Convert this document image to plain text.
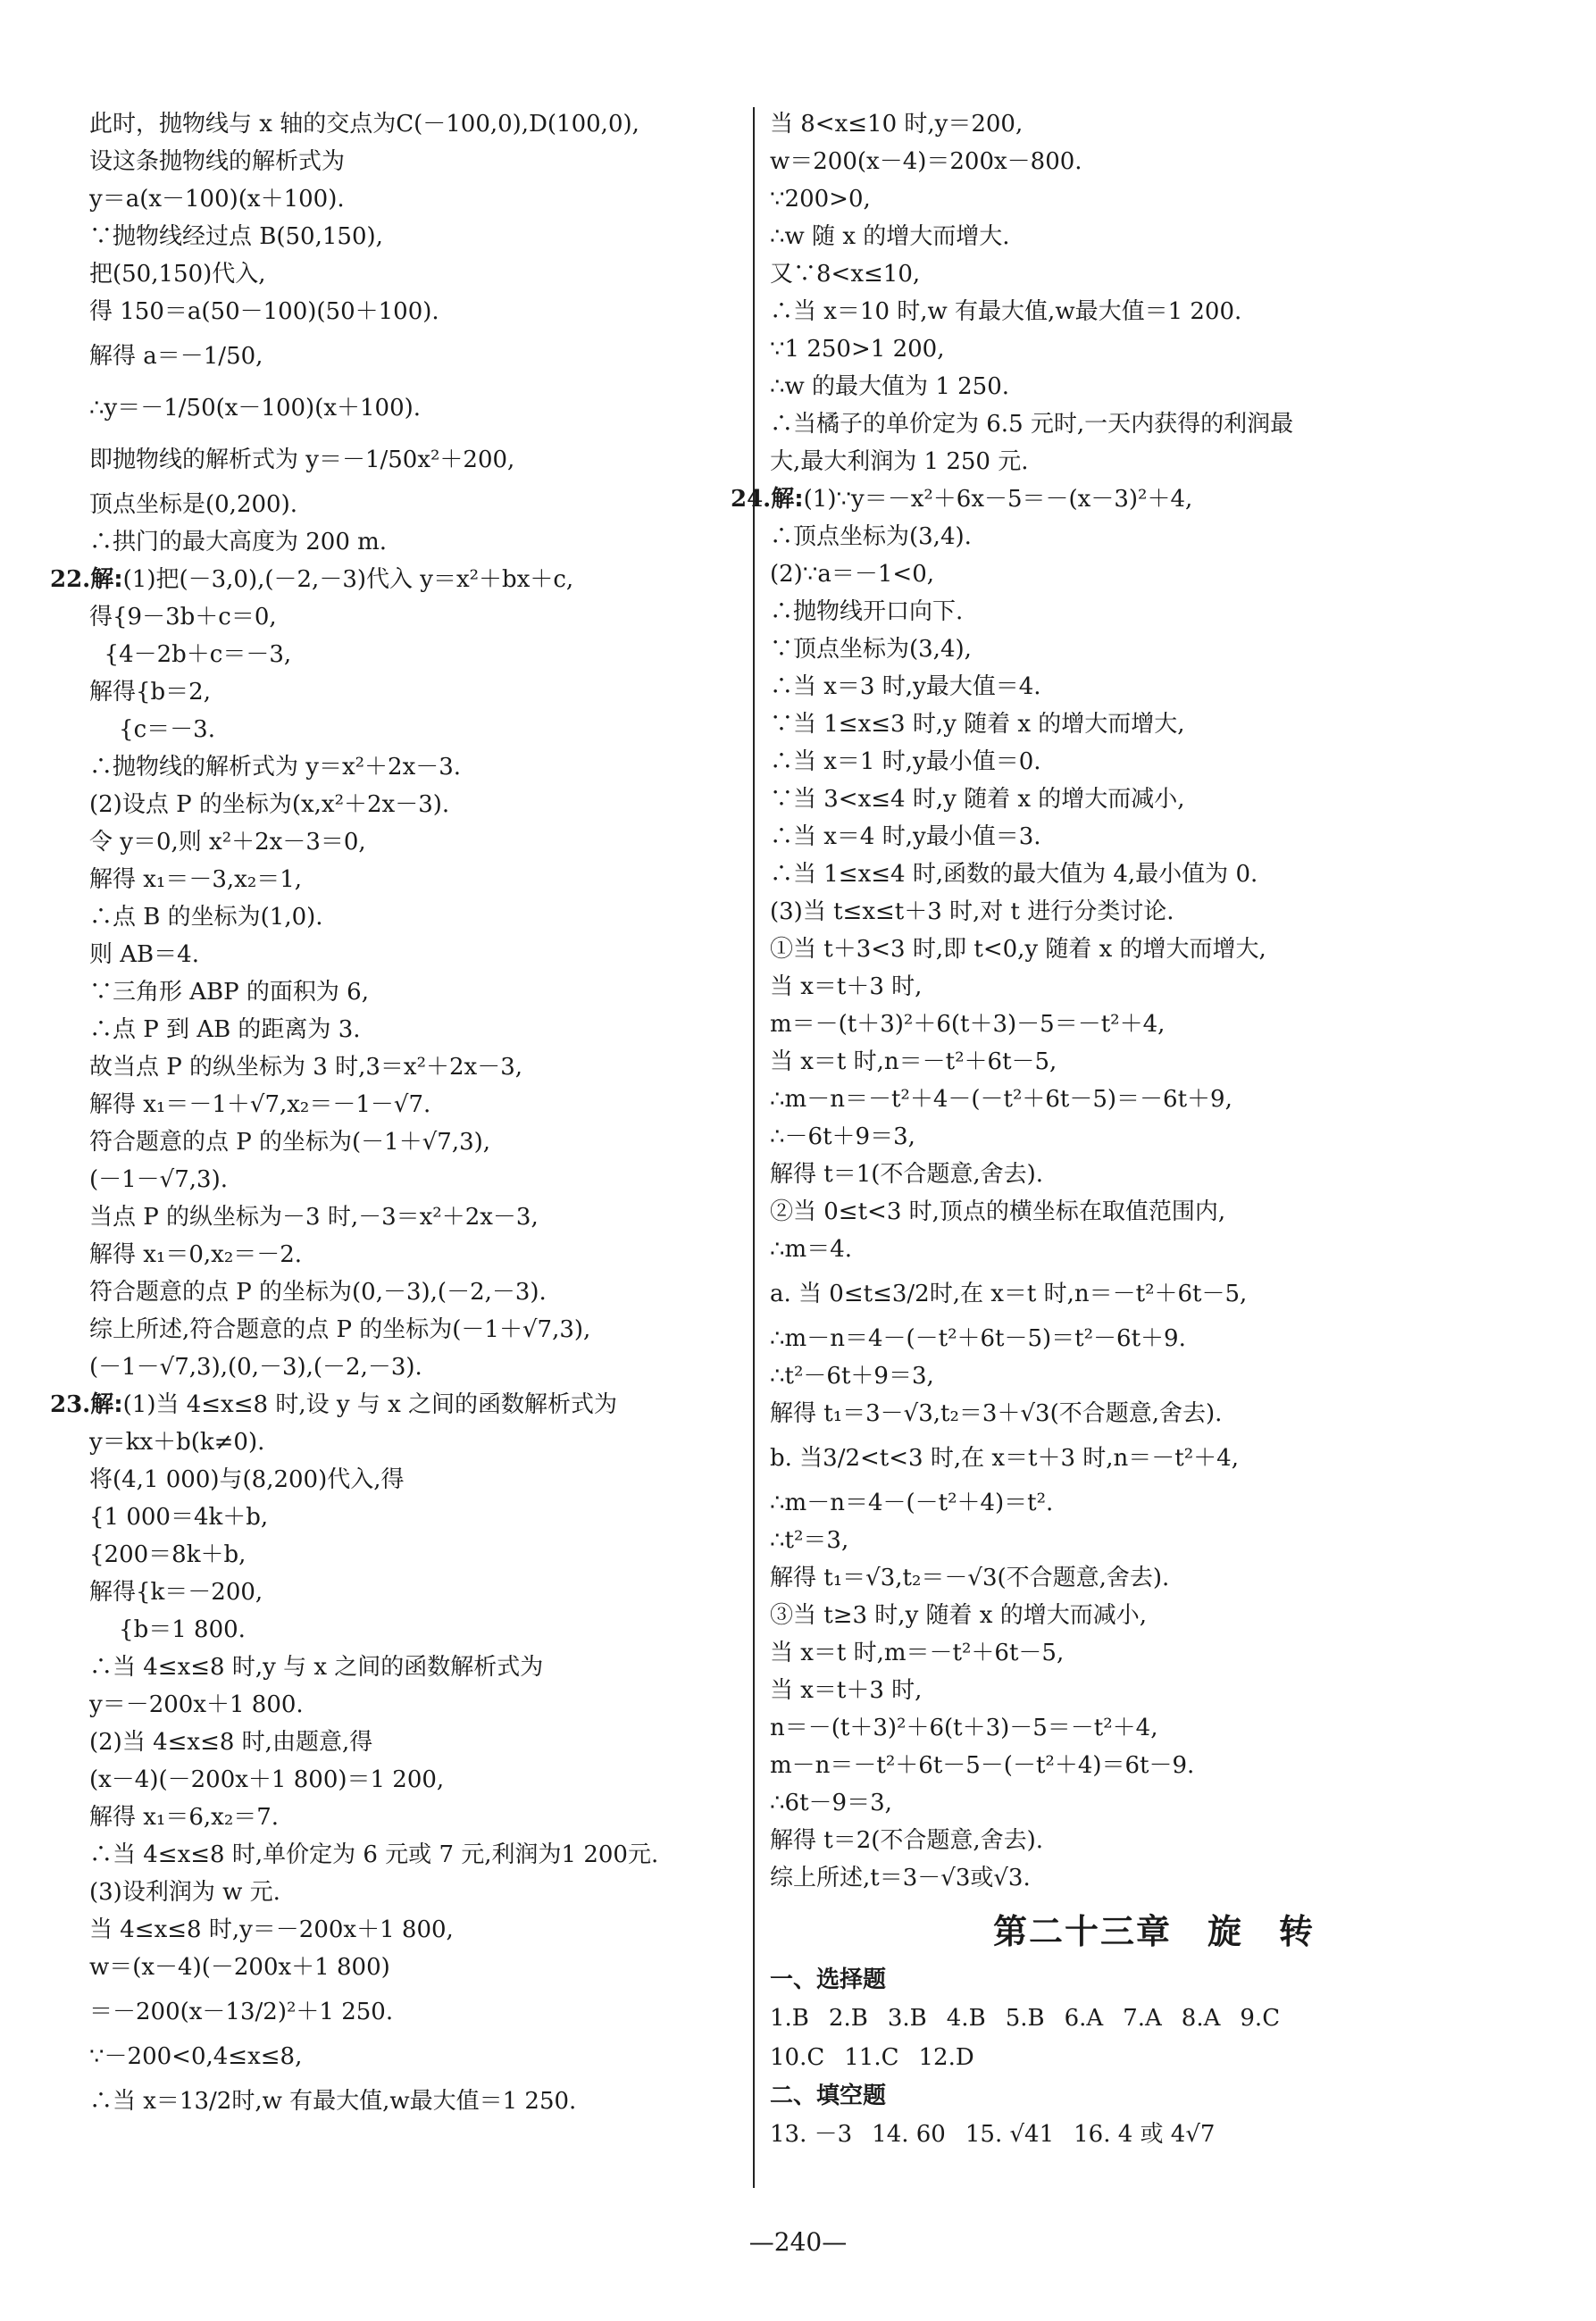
此时，抛物线与 x 轴的交点为C(－100,0),D(100,0),
设这条抛物线的解析式为
y＝a(x－100)(x＋100).
∵抛物线经过点 B(50,150),
把(50,150)代入,
得 150＝a(50－100)(50＋100).
解得 a＝－1/50,
∴y＝－1/50(x－100)(x＋100).
即抛物线的解析式为 y＝－1/50x²＋200,
顶点坐标是(0,200).
∴拱门的最大高度为 200 m.
22.解:(1)把(－3,0),(－2,－3)代入 y＝x²＋bx＋c,
得{9－3b＋c＝0,
{4－2b＋c＝－3,
解得{b＝2,
{c＝－3.
∴抛物线的解析式为 y＝x²＋2x－3.
(2)设点 P 的坐标为(x,x²＋2x－3).
令 y＝0,则 x²＋2x－3＝0,
解得 x₁＝－3,x₂＝1,
∴点 B 的坐标为(1,0).
则 AB＝4.
∵三角形 ABP 的面积为 6,
∴点 P 到 AB 的距离为 3.
故当点 P 的纵坐标为 3 时,3＝x²＋2x－3,
解得 x₁＝－1＋√7,x₂＝－1－√7.
符合题意的点 P 的坐标为(－1＋√7,3),
(－1－√7,3).
当点 P 的纵坐标为－3 时,－3＝x²＋2x－3,
解得 x₁＝0,x₂＝－2.
符合题意的点 P 的坐标为(0,－3),(－2,－3).
综上所述,符合题意的点 P 的坐标为(－1＋√7,3),
(－1－√7,3),(0,－3),(－2,－3).
23.解:(1)当 4≤x≤8 时,设 y 与 x 之间的函数解析式为
y＝kx＋b(k≠0).
将(4,1 000)与(8,200)代入,得
{1 000＝4k＋b,
{200＝8k＋b,
解得{k＝－200,
{b＝1 800.
∴当 4≤x≤8 时,y 与 x 之间的函数解析式为
y＝－200x＋1 800.
(2)当 4≤x≤8 时,由题意,得
(x－4)(－200x＋1 800)＝1 200,
解得 x₁＝6,x₂＝7.
∴当 4≤x≤8 时,单价定为 6 元或 7 元,利润为1 200元.
(3)设利润为 w 元.
当 4≤x≤8 时,y＝－200x＋1 800,
w＝(x－4)(－200x＋1 800)
＝－200(x－13/2)²＋1 250.
∵－200<0,4≤x≤8,
∴当 x＝13/2时,w 有最大值,w最大值＝1 250.
当 8<x≤10 时,y＝200,
w＝200(x－4)＝200x－800.
∵200>0,
∴w 随 x 的增大而增大.
又∵8<x≤10,
∴当 x＝10 时,w 有最大值,w最大值＝1 200.
∵1 250>1 200,
∴w 的最大值为 1 250.
∴当橘子的单价定为 6.5 元时,一天内获得的利润最
大,最大利润为 1 250 元.
24.解:(1)∵y＝－x²＋6x－5＝－(x－3)²＋4,
∴顶点坐标为(3,4).
(2)∵a＝－1<0,
∴抛物线开口向下.
∵顶点坐标为(3,4),
∴当 x＝3 时,y最大值＝4.
∵当 1≤x≤3 时,y 随着 x 的增大而增大,
∴当 x＝1 时,y最小值＝0.
∵当 3<x≤4 时,y 随着 x 的增大而减小,
∴当 x＝4 时,y最小值＝3.
∴当 1≤x≤4 时,函数的最大值为 4,最小值为 0.
(3)当 t≤x≤t＋3 时,对 t 进行分类讨论.
①当 t＋3<3 时,即 t<0,y 随着 x 的增大而增大,
当 x＝t＋3 时,
m＝－(t＋3)²＋6(t＋3)－5＝－t²＋4,
当 x＝t 时,n＝－t²＋6t－5,
∴m－n＝－t²＋4－(－t²＋6t－5)＝－6t＋9,
∴－6t＋9＝3,
解得 t＝1(不合题意,舍去).
②当 0≤t<3 时,顶点的横坐标在取值范围内,
∴m＝4.
a. 当 0≤t≤3/2时,在 x＝t 时,n＝－t²＋6t－5,
∴m－n＝4－(－t²＋6t－5)＝t²－6t＋9.
∴t²－6t＋9＝3,
解得 t₁＝3－√3,t₂＝3＋√3(不合题意,舍去).
b. 当3/2<t<3 时,在 x＝t＋3 时,n＝－t²＋4,
∴m－n＝4－(－t²＋4)＝t².
∴t²＝3,
解得 t₁＝√3,t₂＝－√3(不合题意,舍去).
③当 t≥3 时,y 随着 x 的增大而减小,
当 x＝t 时,m＝－t²＋6t－5,
当 x＝t＋3 时,
n＝－(t＋3)²＋6(t＋3)－5＝－t²＋4,
m－n＝－t²＋6t－5－(－t²＋4)＝6t－9.
∴6t－9＝3,
解得 t＝2(不合题意,舍去).
综上所述,t＝3－√3或√3.
第二十三章　旋　转
一、选择题
1.B 2.B 3.B 4.B 5.B 6.A 7.A 8.A 9.C
10.C 11.C 12.D
二、填空题
13. －3 14. 60 15. √41 16. 4 或 4√7
—240—
